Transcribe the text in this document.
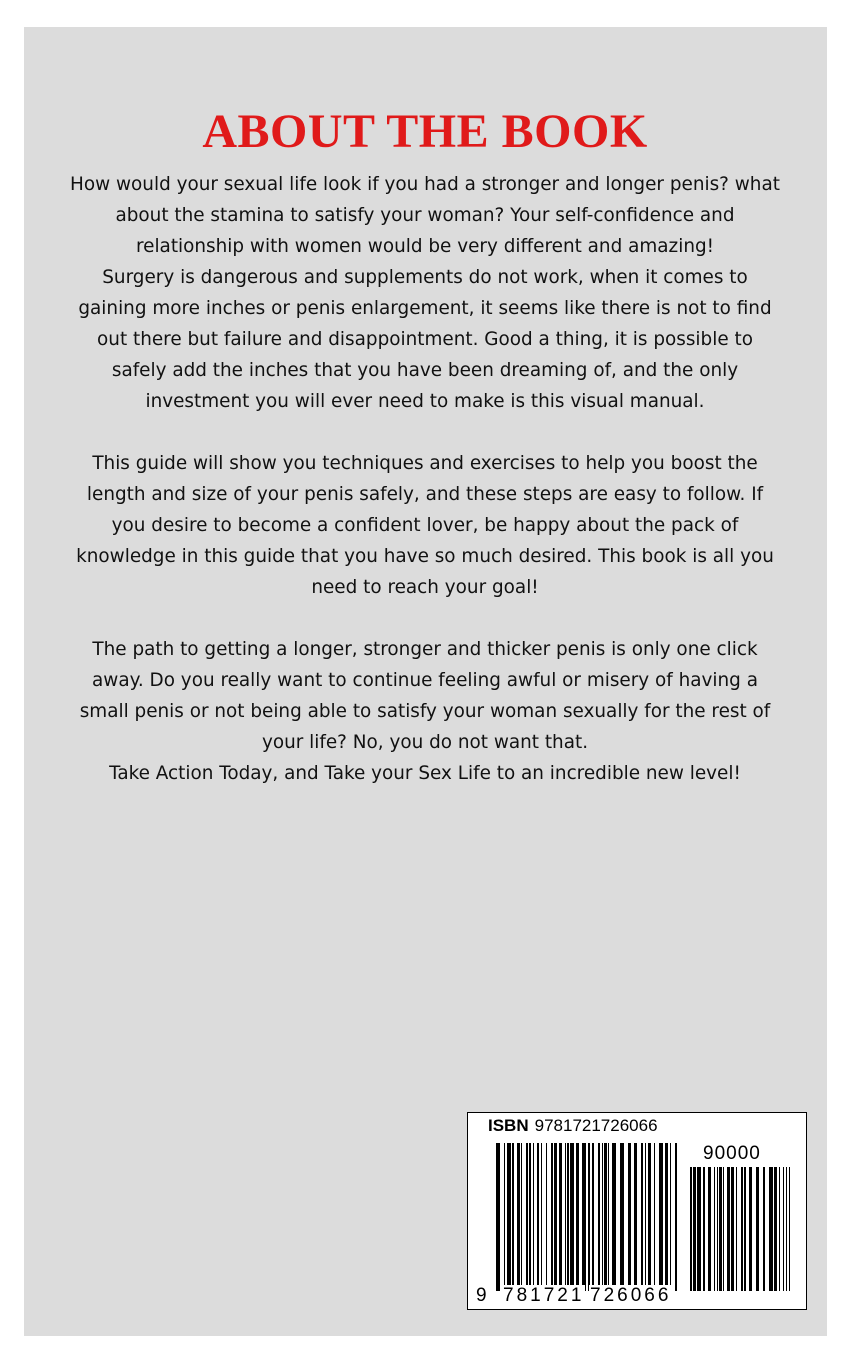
ABOUT THE BOOK

How would your sexual life look if you had a stronger and longer penis? what about the stamina to satisfy your woman? Your self-confidence and relationship with women would be very different and amazing!

Surgery is dangerous and supplements do not work, when it comes to gaining more inches or penis enlargement, it seems like there is not to find out there but failure and disappointment. Good a thing, it is possible to safely add the inches that you have been dreaming of, and the only investment you will ever need to make is this visual manual.

This guide will show you techniques and exercises to help you boost the length and size of your penis safely, and these steps are easy to follow. If you desire to become a confident lover, be happy about the pack of knowledge in this guide that you have so much desired. This book is all you need to reach your goal!

The path to getting a longer, stronger and thicker penis is only one click away. Do you really want to continue feeling awful or misery of having a small penis or not being able to satisfy your woman sexually for the rest of your life? No, you do not want that.

Take Action Today, and Take your Sex Life to an incredible new level!

ISBN 9781721726066
90000
9 781721 726066
